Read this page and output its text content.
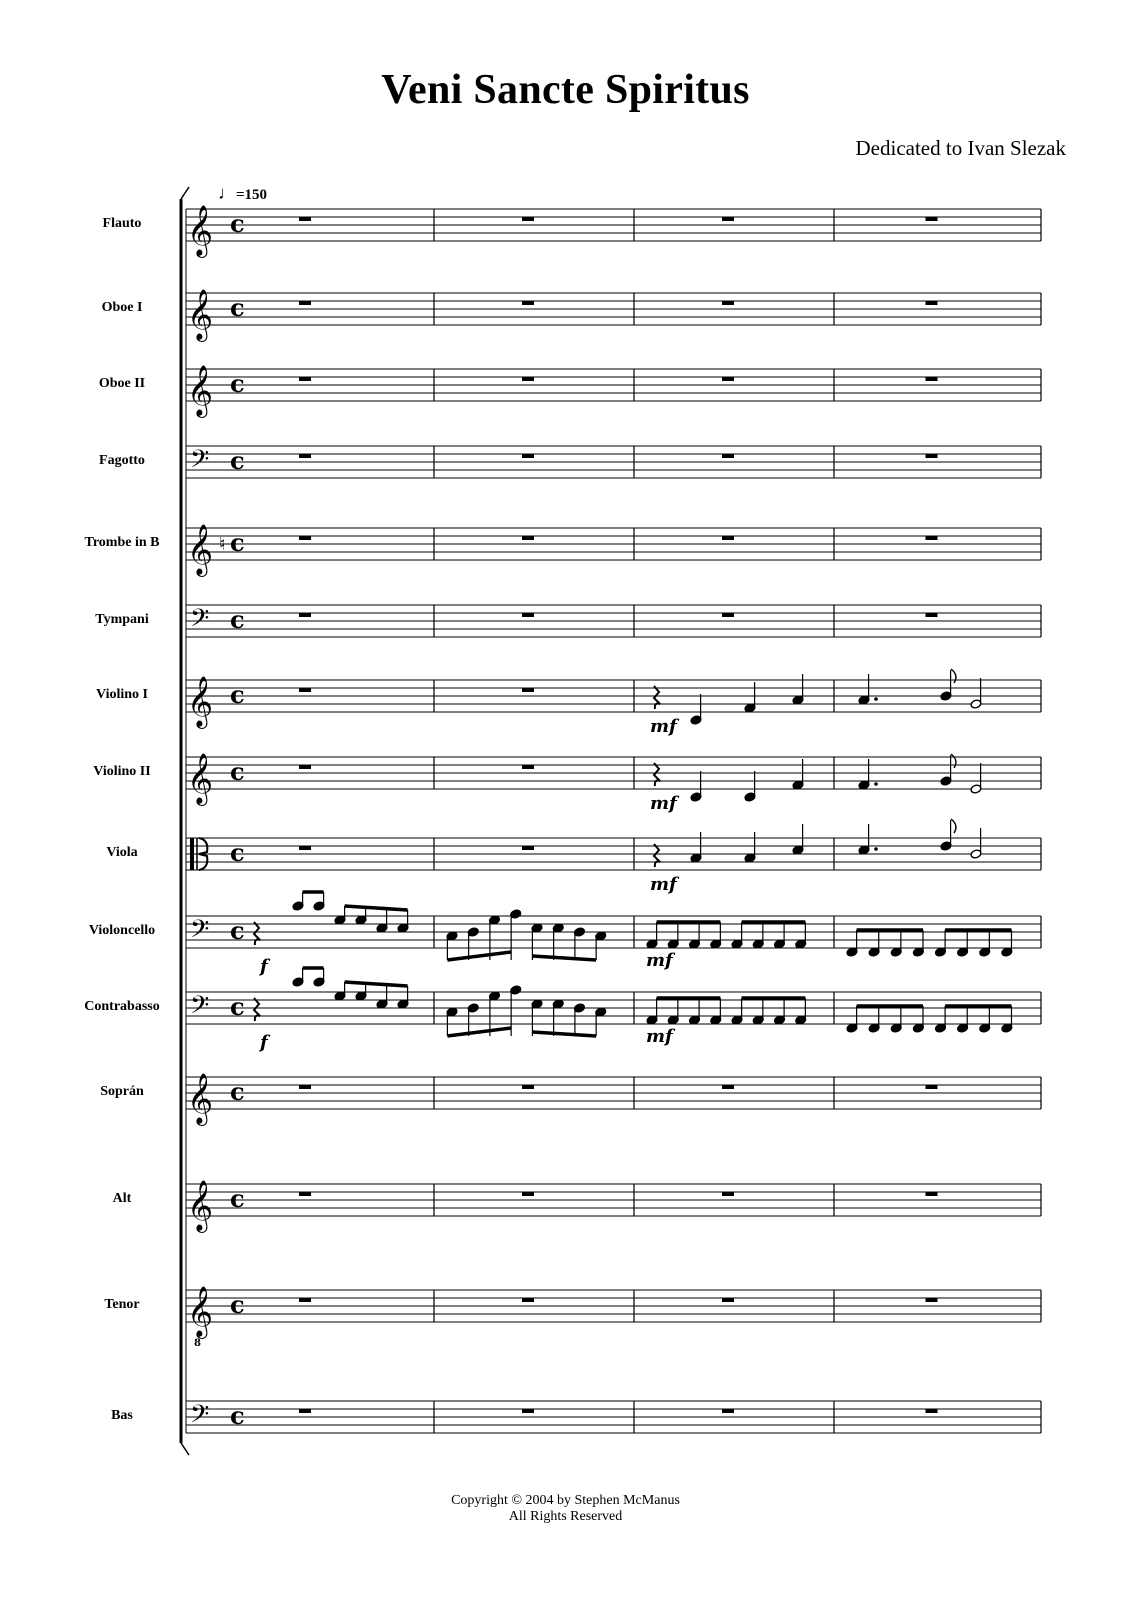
Veni Sancte Spiritus
Dedicated to Ivan Slezak
♩=150
Flauto
Oboe I
Oboe II
Fagotto
Trombe in B
Tympani
Violino I
Violino II
Viola
Violoncello
Contrabasso
Soprán
Alt
Tenor
Bas
𝄞 c
𝄞 c
𝄞 c
𝄢 c
𝄞 ♮ c
𝄢 c
𝄞 c
mf
𝄞 c
mf
c
mf
𝄢 c
f	mf
𝄢 c
f	mf
𝄞 c
𝄞 c
𝄞
8
c
𝄢 c
Copyright © 2004 by Stephen McManus
All Rights Reserved
